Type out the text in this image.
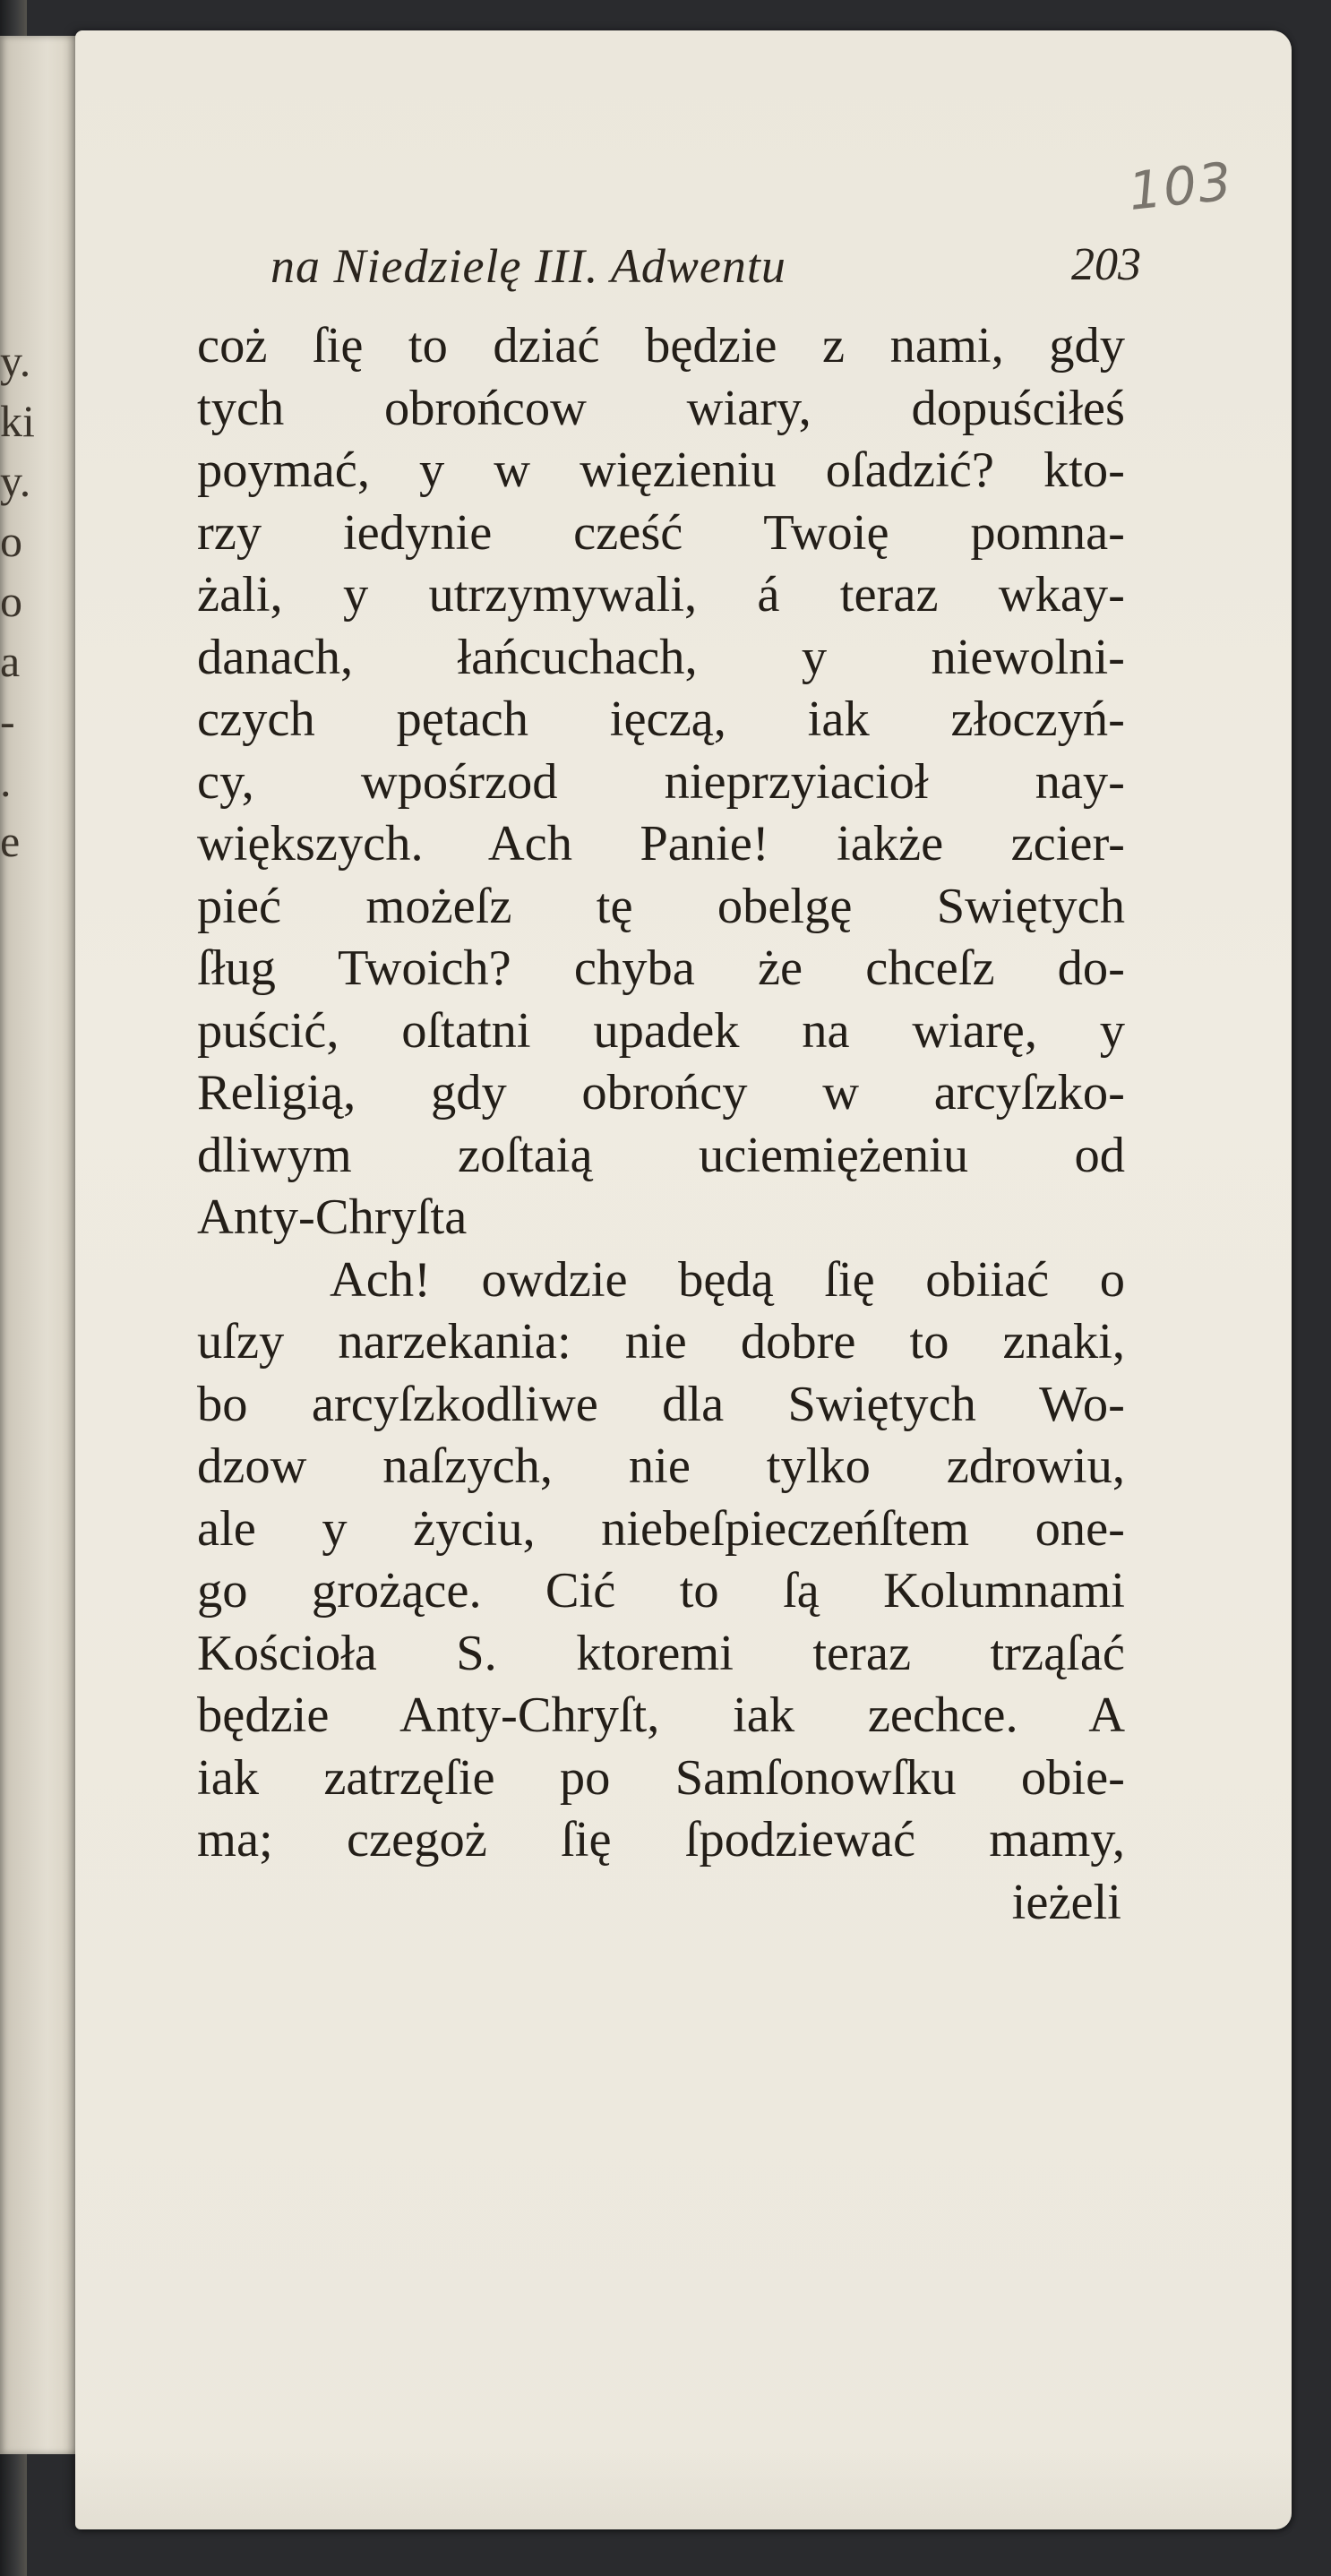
y.
ki
y.
o
o
a
-
.
e
103
na Niedzielę III. Adwentu	203
coż ſię to dziać będzie z nami, gdy
tych obrońcow wiary, dopuściłeś
poymać, y w więzieniu oſadzić? kto-
rzy iedynie cześć Twoię pomna-
żali, y utrzymywali, á teraz wkay-
danach, łańcuchach, y niewolni-
czych pętach ięczą, iak złoczyń-
cy, wpośrzod nieprzyiacioł nay-
większych. Ach Panie! iakże zcier-
pieć możeſz tę obelgę Swiętych
ſług Twoich? chyba że chceſz do-
puścić, oſtatni upadek na wiarę, y
Religią, gdy obrońcy w arcyſzko-
dliwym zoſtaią uciemiężeniu od
Anty-Chryſta
Ach! owdzie będą ſię obiiać o
uſzy narzekania: nie dobre to znaki,
bo arcyſzkodliwe dla Swiętych Wo-
dzow naſzych, nie tylko zdrowiu,
ale y życiu, niebeſpieczeńſtem one-
go grożące. Cić to ſą Kolumnami
Kościoła S. ktoremi teraz trząſać
będzie Anty-Chryſt, iak zechce. A
iak zatrzęſie po Samſonowſku obie-
ma; czegoż ſię ſpodziewać mamy,
ieżeli
